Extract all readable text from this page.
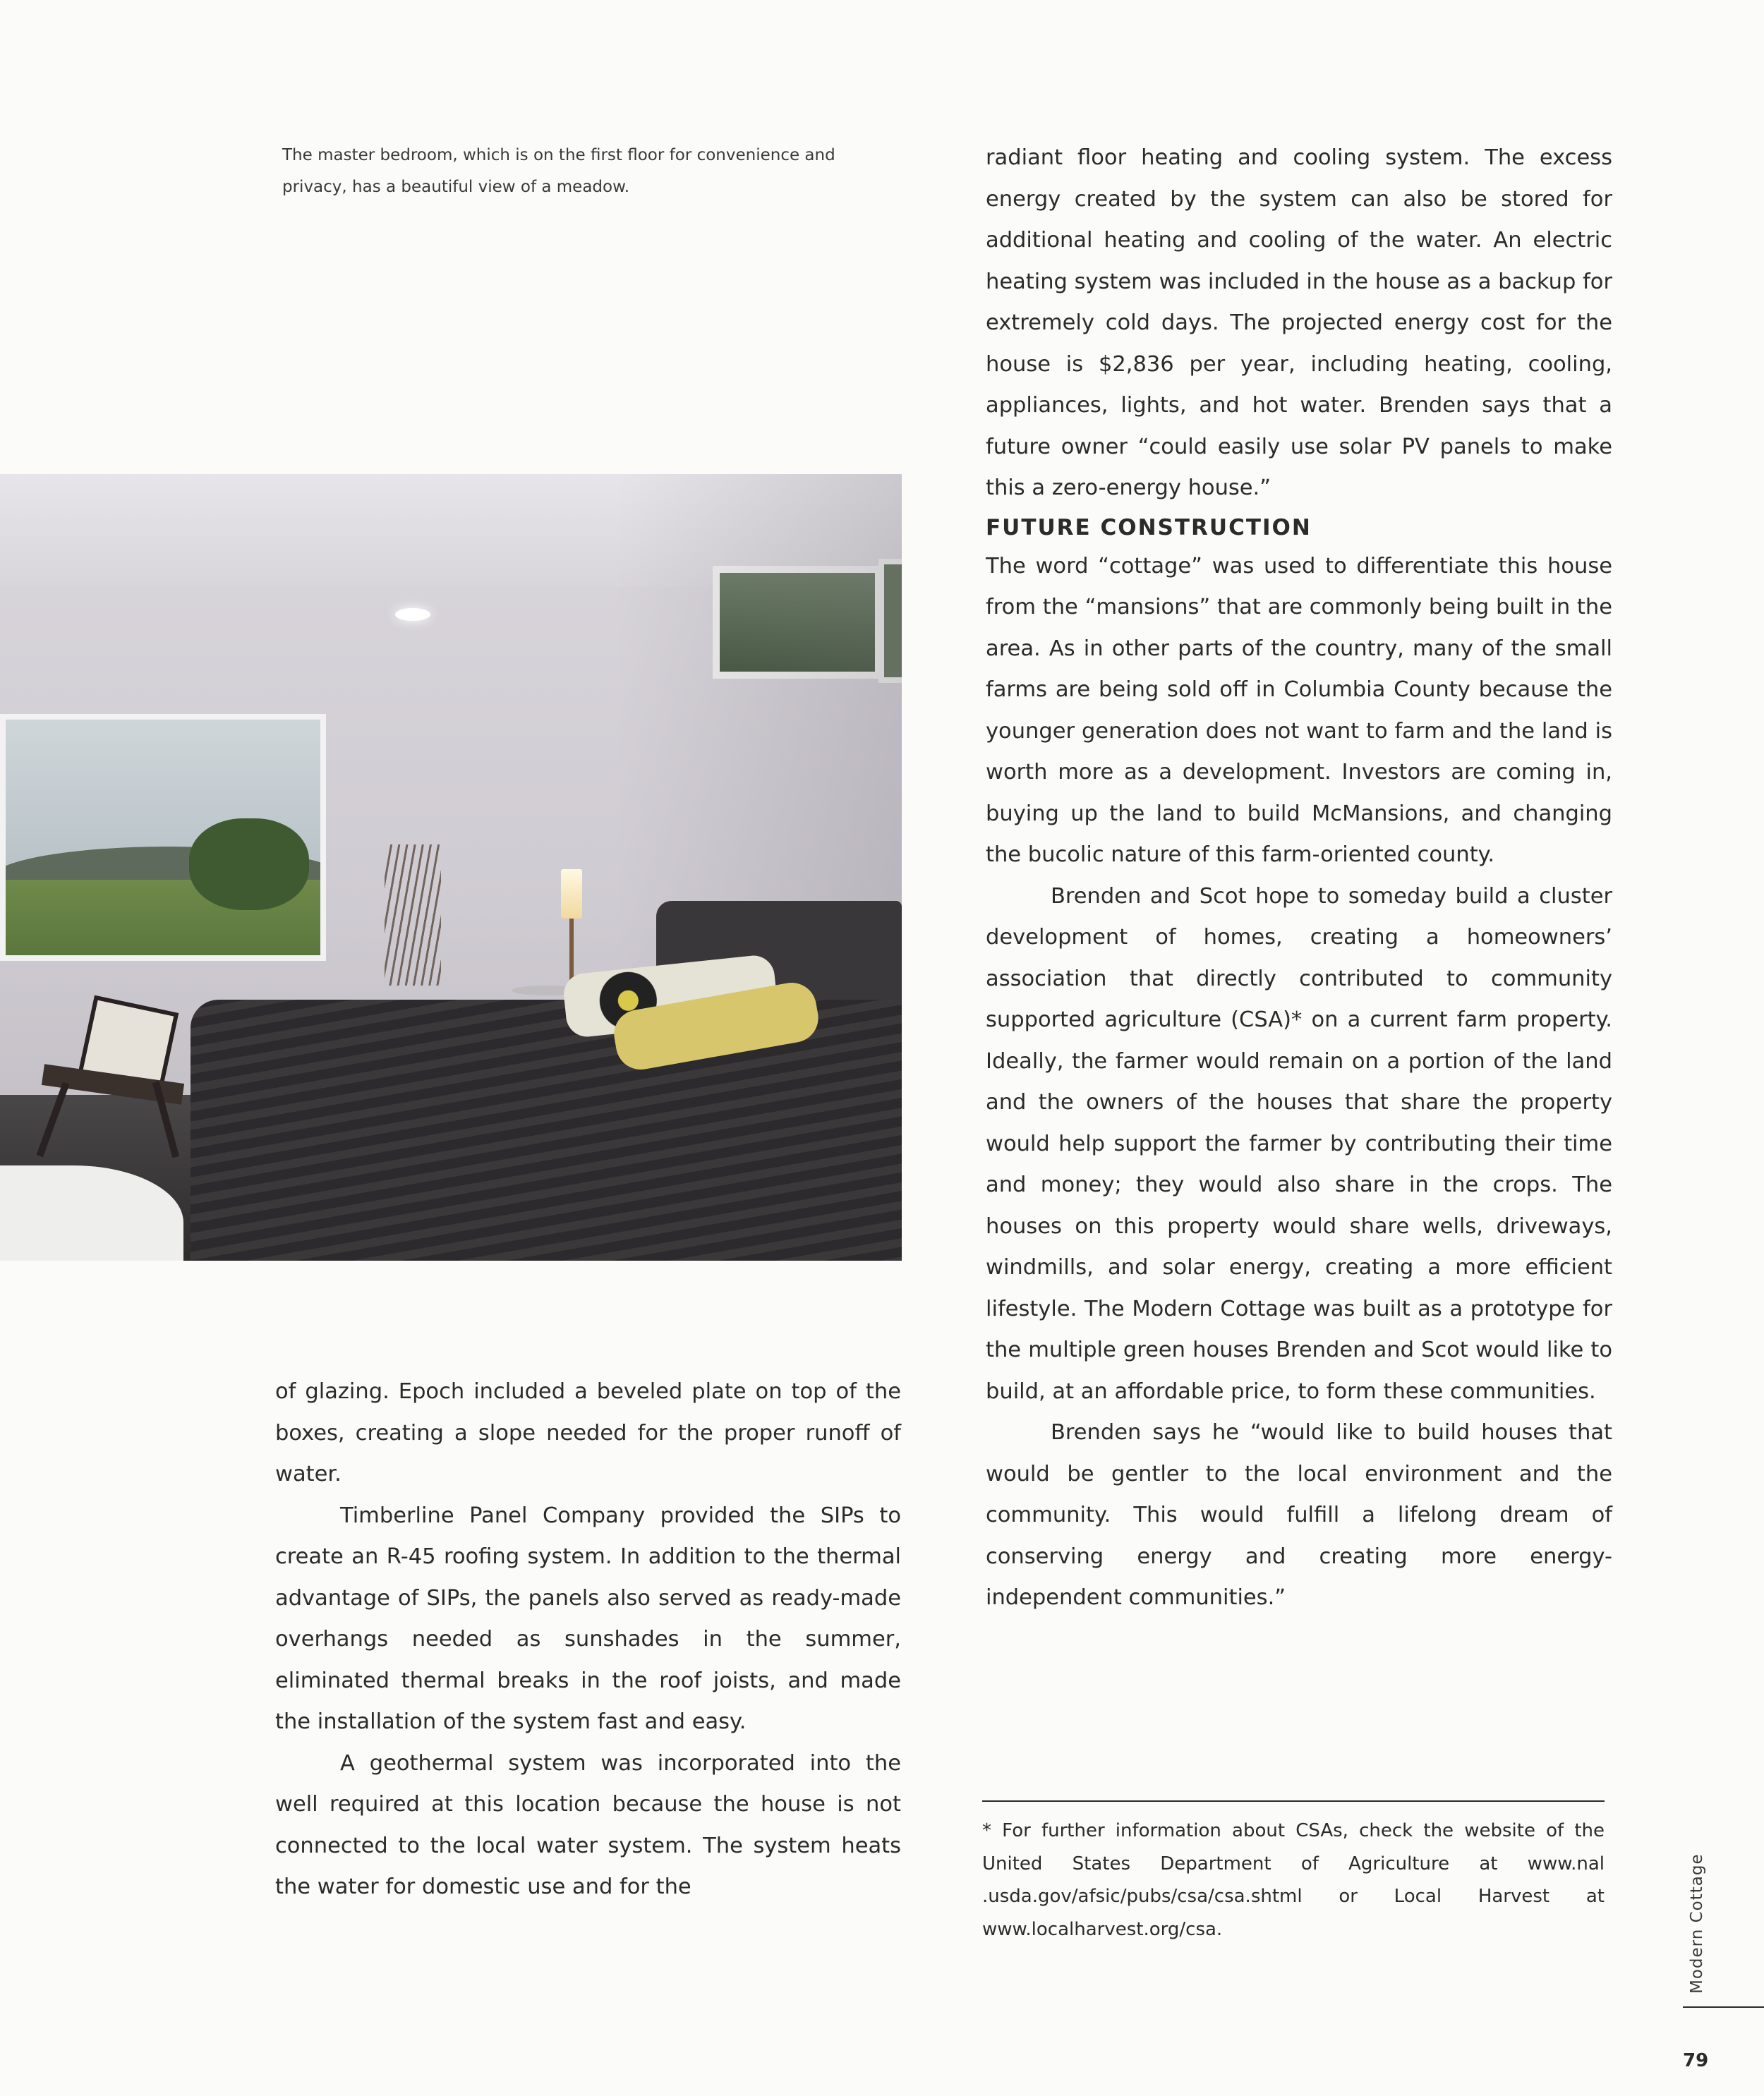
The master bedroom, which is on the first floor for convenience and privacy, has a beautiful view of a meadow.

of glazing. Epoch included a beveled plate on top of the boxes, creating a slope needed for the proper runoff of water.

Timberline Panel Company provided the SIPs to create an R-45 roofing system. In addition to the thermal advantage of SIPs, the panels also served as ready-made overhangs needed as sunshades in the summer, eliminated thermal breaks in the roof joists, and made the installation of the system fast and easy.

A geothermal system was incorporated into the well required at this location because the house is not connected to the local water system. The system heats the water for domestic use and for the

radiant floor heating and cooling system. The excess energy created by the system can also be stored for additional heating and cooling of the water. An electric heating system was included in the house as a backup for extremely cold days. The projected energy cost for the house is $2,836 per year, including heating, cooling, appliances, lights, and hot water. Brenden says that a future owner “could easily use solar PV panels to make this a zero-energy house.”

FUTURE CONSTRUCTION

The word “cottage” was used to differentiate this house from the “mansions” that are commonly being built in the area. As in other parts of the country, many of the small farms are being sold off in Columbia County because the younger generation does not want to farm and the land is worth more as a development. Investors are coming in, buying up the land to build McMansions, and changing the bucolic nature of this farm-oriented county.

Brenden and Scot hope to someday build a cluster development of homes, creating a homeowners’ association that directly contributed to community supported agriculture (CSA)* on a current farm property. Ideally, the farmer would remain on a portion of the land and the owners of the houses that share the property would help support the farmer by contributing their time and money; they would also share in the crops. The houses on this property would share wells, driveways, windmills, and solar energy, creating a more efficient lifestyle. The Modern Cottage was built as a prototype for the multiple green houses Brenden and Scot would like to build, at an affordable price, to form these communities.

Brenden says he “would like to build houses that would be gentler to the local environment and the community. This would fulfill a lifelong dream of conserving energy and creating more energy-independent communities.”

* For further information about CSAs, check the website of the United States Department of Agriculture at www.nal .usda.gov/afsic/pubs/csa/csa.shtml or Local Harvest at www.localharvest.org/csa.	Modern Cottage
79
